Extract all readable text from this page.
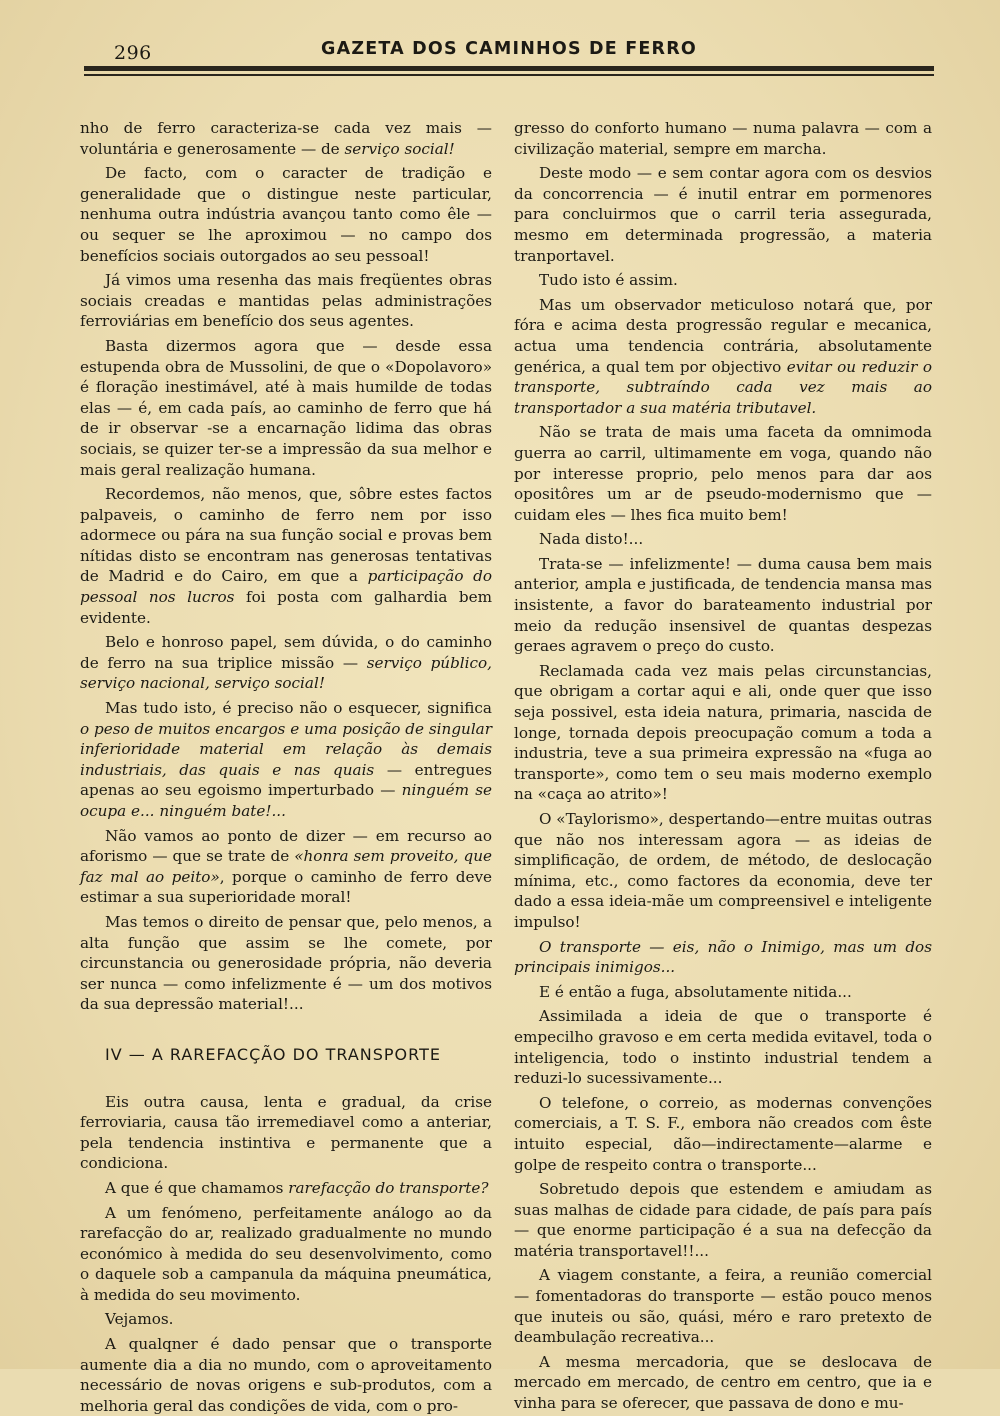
296	GAZETA DOS CAMINHOS DE FERRO

nho de ferro caracteriza-se cada vez mais — voluntária e generosamente — de serviço social!

De facto, com o caracter de tradição e generalidade que o distingue neste particular, nenhuma outra indústria avançou tanto como êle — ou sequer se lhe aproximou — no campo dos benefícios sociais outorgados ao seu pessoal!

Já vimos uma resenha das mais freqüentes obras sociais creadas e mantidas pelas administrações ferroviárias em benefício dos seus agentes.

Basta dizermos agora que — desde essa estupenda obra de Mussolini, de que o «Dopolavoro» é floração inestimável, até à mais humilde de todas elas — é, em cada país, ao caminho de ferro que há de ir observar -se a encarnação lidima das obras sociais, se quizer ter-se a impressão da sua melhor e mais geral realização humana.

Recordemos, não menos, que, sôbre estes factos palpaveis, o caminho de ferro nem por isso adormece ou pára na sua função social e provas bem nítidas disto se encontram nas generosas tentativas de Madrid e do Cairo, em que a participação do pessoal nos lucros foi posta com galhardia bem evidente.

Belo e honroso papel, sem dúvida, o do caminho de ferro na sua triplice missão — serviço público, serviço nacional, serviço social!

Mas tudo isto, é preciso não o esquecer, significa o peso de muitos encargos e uma posição de singular inferioridade material em relação às demais industriais, das quais e nas quais — entregues apenas ao seu egoismo imperturbado — ninguém se ocupa e... ninguém bate!...

Não vamos ao ponto de dizer — em recurso ao aforismo — que se trate de «honra sem proveito, que faz mal ao peito», porque o caminho de ferro deve estimar a sua superioridade moral!

Mas temos o direito de pensar que, pelo menos, a alta função que assim se lhe comete, por circunstancia ou generosidade própria, não deveria ser nunca — como infelizmente é — um dos motivos da sua depressão material!...

IV — A RAREFACÇÃO DO TRANSPORTE

Eis outra causa, lenta e gradual, da crise ferroviaria, causa tão irremediavel como a anteriar, pela tendencia instintiva e permanente que a condiciona.

A que é que chamamos rarefacção do transporte?

A um fenómeno, perfeitamente análogo ao da rarefacção do ar, realizado gradualmente no mundo económico à medida do seu desenvolvimento, como o daquele sob a campanula da máquina pneumática, à medida do seu movimento.

Vejamos.

A qualqner é dado pensar que o transporte aumente dia a dia no mundo, com o aproveitamento necessário de novas origens e sub-produtos, com a melhoria geral das condições de vida, com o pro-

gresso do conforto humano — numa palavra — com a civilização material, sempre em marcha.

Deste modo — e sem contar agora com os desvios da concorrencia — é inutil entrar em pormenores para concluirmos que o carril teria assegurada, mesmo em determinada progressão, a materia tranportavel.

Tudo isto é assim.

Mas um observador meticuloso notará que, por fóra e acima desta progressão regular e mecanica, actua uma tendencia contrária, absolutamente genérica, a qual tem por objectivo evitar ou reduzir o transporte, subtraíndo cada vez mais ao transportador a sua matéria tributavel.

Não se trata de mais uma faceta da omnimoda guerra ao carril, ultimamente em voga, quando não por interesse proprio, pelo menos para dar aos opositôres um ar de pseudo-modernismo que — cuidam eles — lhes fica muito bem!

Nada disto!...

Trata-se — infelizmente! — duma causa bem mais anterior, ampla e justificada, de tendencia mansa mas insistente, a favor do barateamento industrial por meio da redução insensivel de quantas despezas geraes agravem o preço do custo.

Reclamada cada vez mais pelas circunstancias, que obrigam a cortar aqui e ali, onde quer que isso seja possivel, esta ideia natura, primaria, nascida de longe, tornada depois preocupação comum a toda a industria, teve a sua primeira expressão na «fuga ao transporte», como tem o seu mais moderno exemplo na «caça ao atrito»!

O «Taylorismo», despertando—entre muitas outras que não nos interessam agora — as ideias de simplificação, de ordem, de método, de deslocação mínima, etc., como factores da economia, deve ter dado a essa ideia-mãe um compreensivel e inteligente impulso!

O transporte — eis, não o Inimigo, mas um dos principais inimigos...

E é então a fuga, absolutamente nitida...

Assimilada a ideia de que o transporte é empecilho gravoso e em certa medida evitavel, toda o inteligencia, todo o instinto industrial tendem a reduzi-lo sucessivamente...

O telefone, o correio, as modernas convenções comerciais, a T. S. F., embora não creados com êste intuito especial, dão—indirectamente—alarme e golpe de respeito contra o transporte...

Sobretudo depois que estendem e amiudam as suas malhas de cidade para cidade, de país para país — que enorme participação é a sua na defecção da matéria transportavel!!...

A viagem constante, a feira, a reunião comercial — fomentadoras do transporte — estão pouco menos que inuteis ou são, quási, méro e raro pretexto de deambulação recreativa...

A mesma mercadoria, que se deslocava de mercado em mercado, de centro em centro, que ia e vinha para se oferecer, que passava de dono e mu-
